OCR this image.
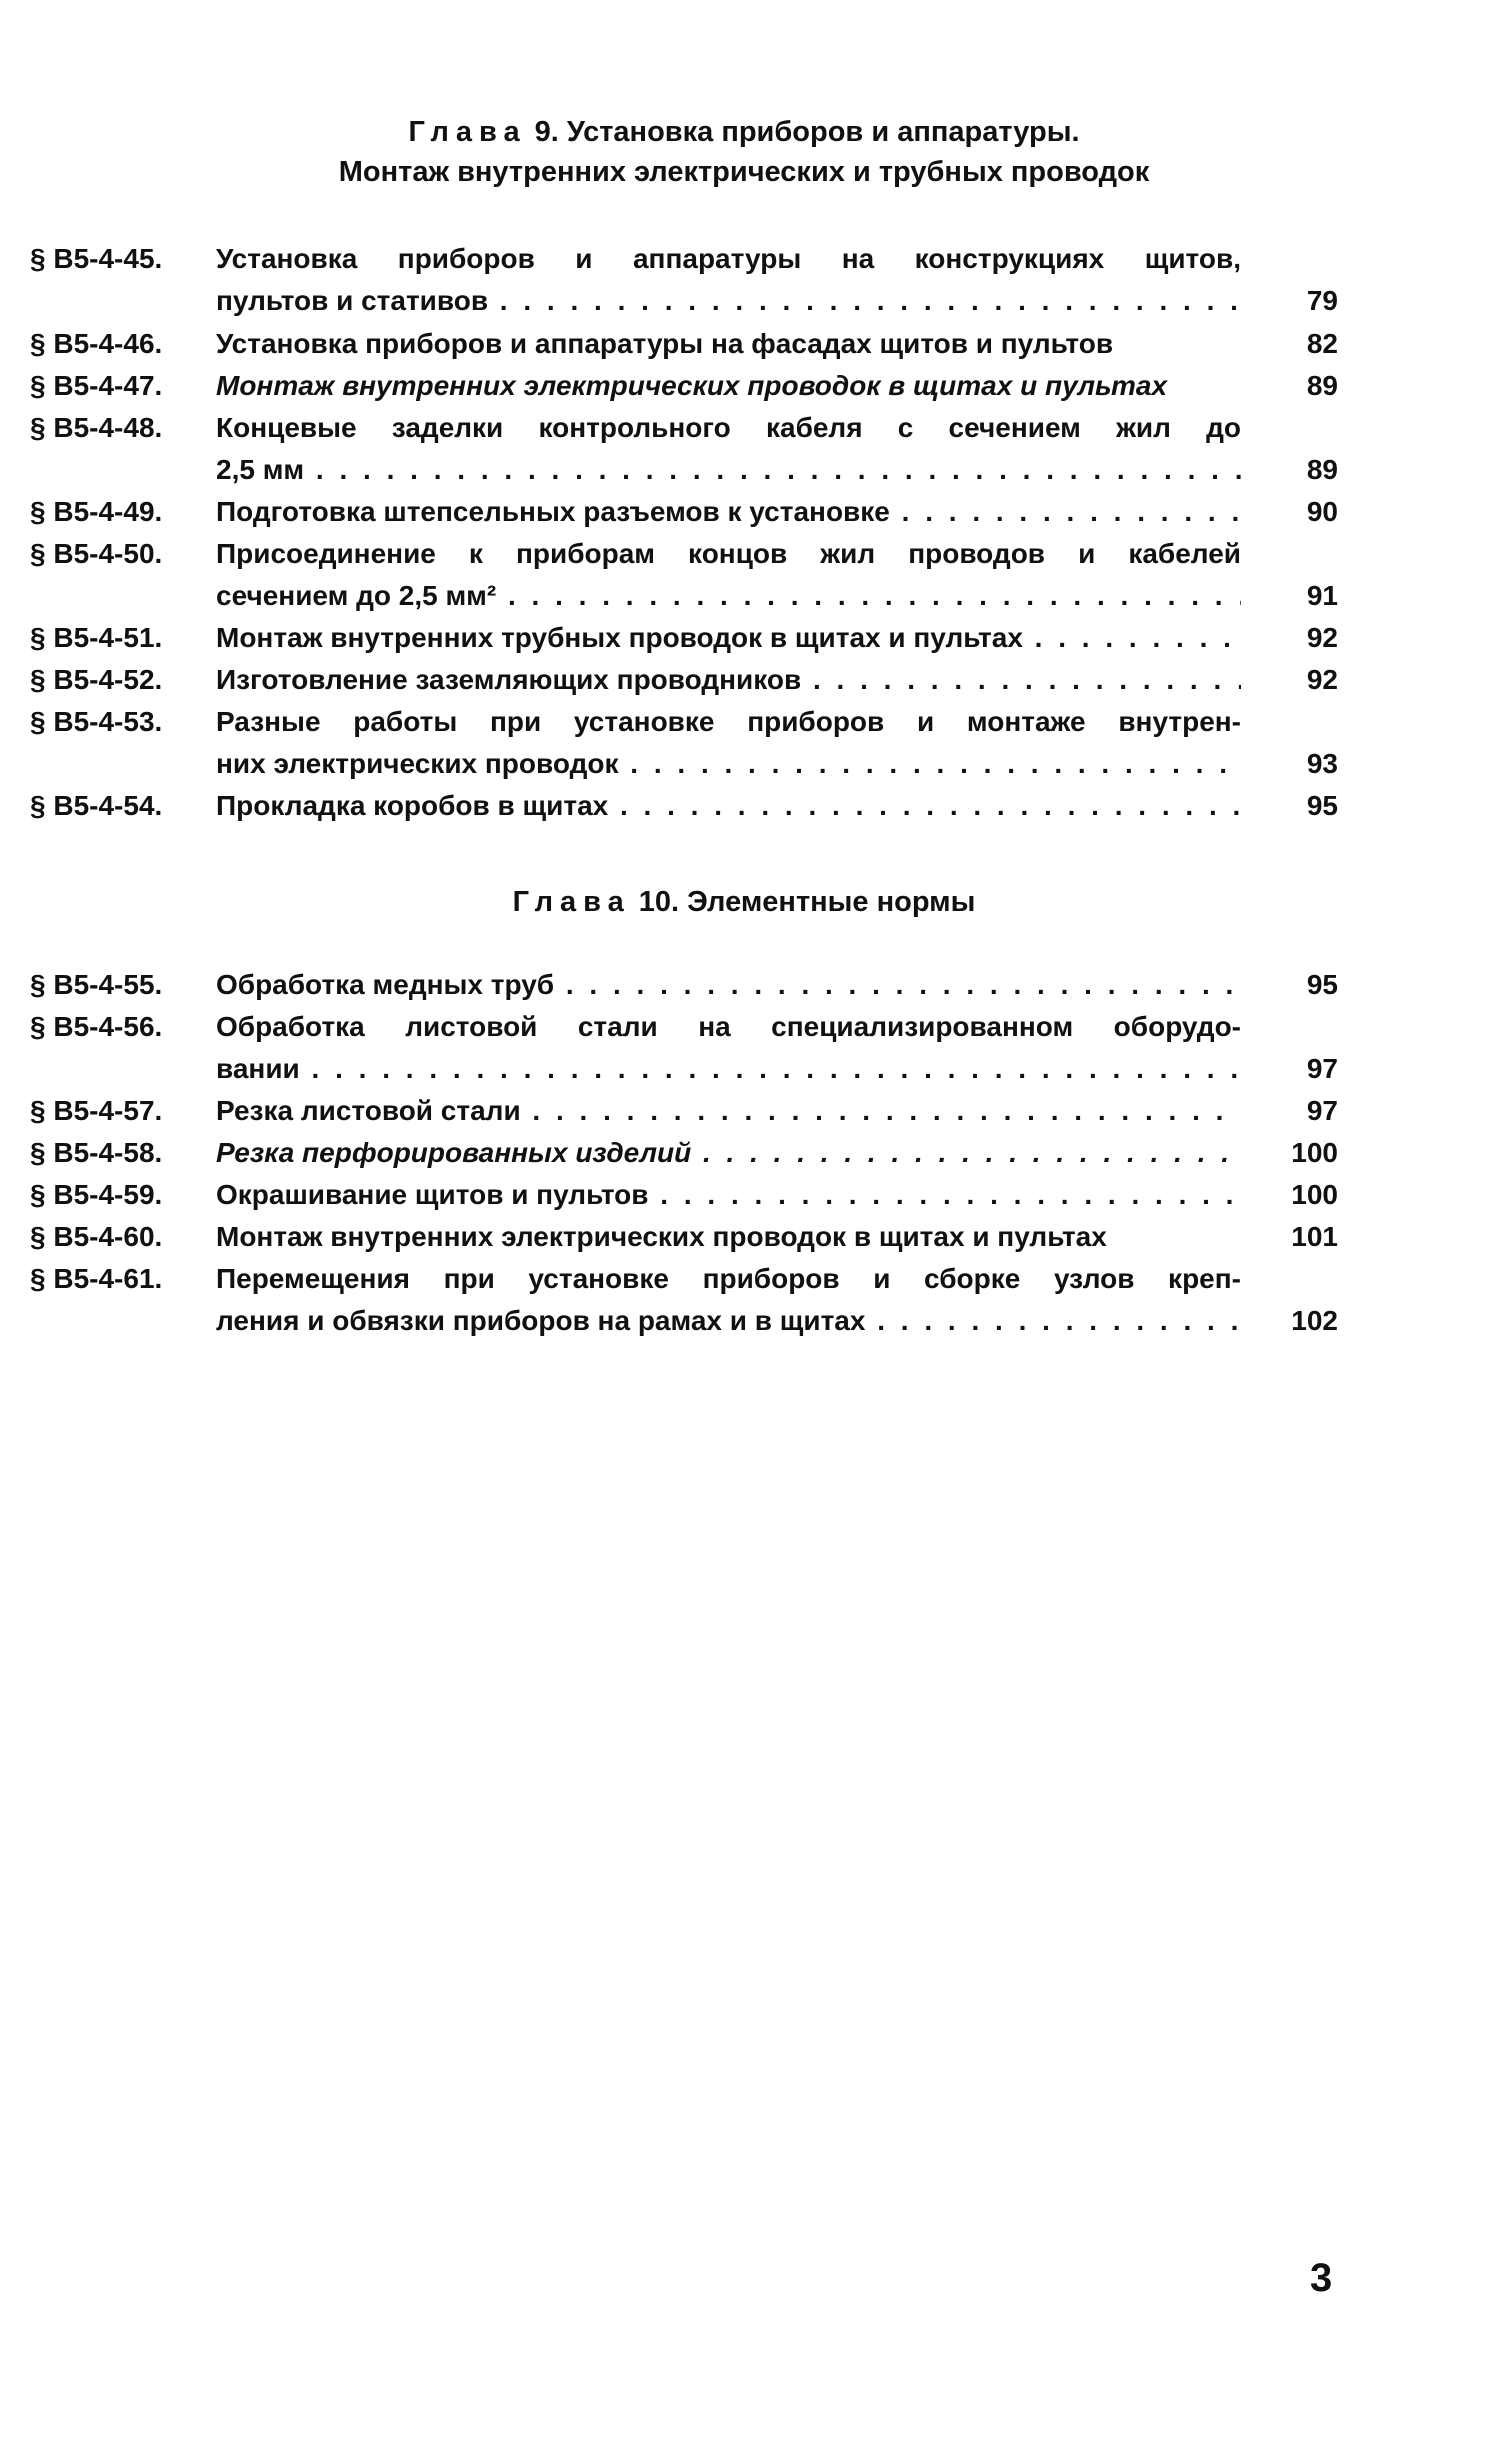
Глава 9. Установка приборов и аппаратуры.
Монтаж внутренних электрических и трубных проводок
§ В5-4-45.	Установка приборов и аппаратуры на конструкциях щитов,
пультов и стативов . . .	79
§ В5-4-46.	Установка приборов и аппаратуры на фасадах щитов и пультов	82
§ В5-4-47.	Монтаж внутренних электрических проводок в щитах и пультах	89
§ В5-4-48.	Концевые заделки контрольного кабеля с сечением жил до
2,5 мм . . .	89
§ В5-4-49.	Подготовка штепсельных разъемов к установке . . .	90
§ В5-4-50.	Присоединение к приборам концов жил проводов и кабелей
сечением до 2,5 мм² . . .	91
§ В5-4-51.	Монтаж внутренних трубных проводок в щитах и пультах . . .	92
§ В5-4-52.	Изготовление заземляющих проводников . . .	92
§ В5-4-53.	Разные работы при установке приборов и монтаже внутрен-
них электрических проводок . . .	93
§ В5-4-54.	Прокладка коробов в щитах . . .	95
Глава 10. Элементные нормы
§ В5-4-55.	Обработка медных труб . . .	95
§ В5-4-56.	Обработка листовой стали на специализированном оборудо-
вании . . .	97
§ В5-4-57.	Резка листовой стали . . .	97
§ В5-4-58.	Резка перфорированных изделий . . .	100
§ В5-4-59.	Окрашивание щитов и пультов . . .	100
§ В5-4-60.	Монтаж внутренних электрических проводок в щитах и пультах	101
§ В5-4-61.	Перемещения при установке приборов и сборке узлов креп-
ления и обвязки приборов на рамах и в щитах . . .	102
3
